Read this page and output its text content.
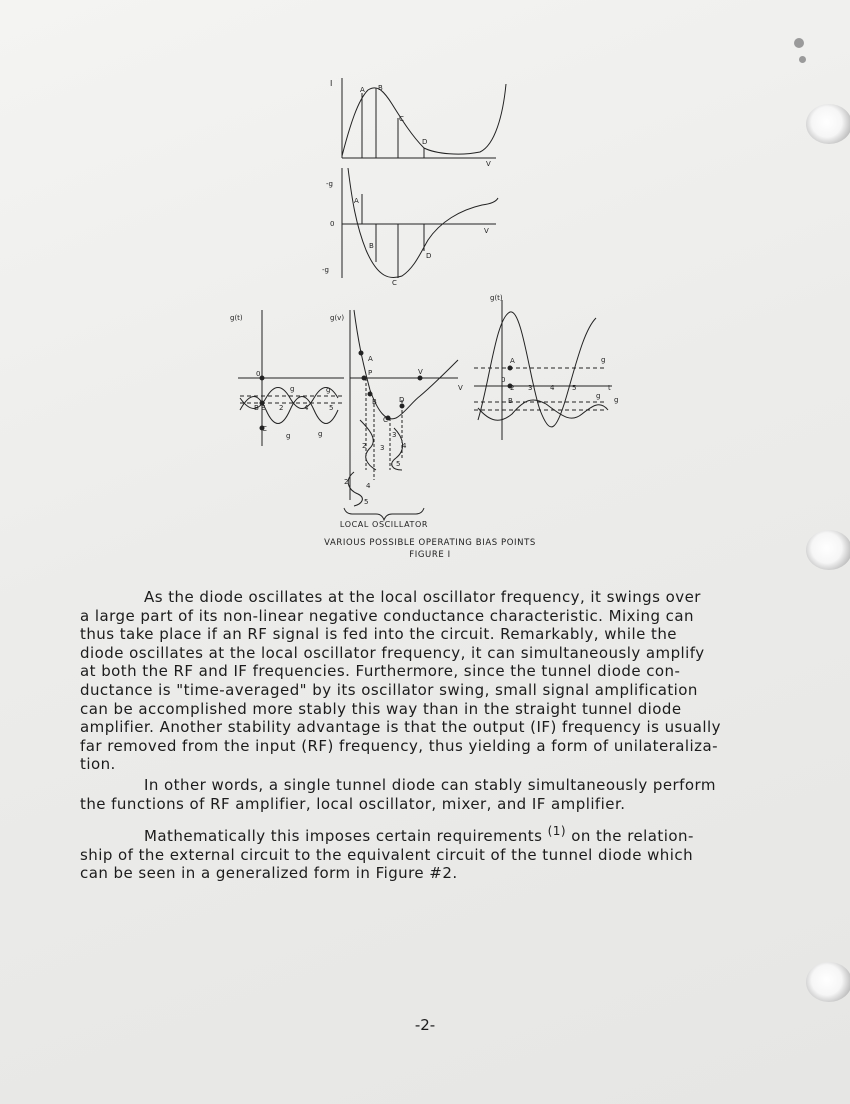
I
A B
C
D
V
-g
0
-g
A
B
C
D
V
g(t)
0
g	g
B E 2	4	5
C
g	g
g(v)
A
P
B
C
D
V
V
3
4
3
2
5
2	4
5
g(t)
A
0
2 3	4	5	t
B
g
g g
LOCAL OSCILLATOR
VARIOUS POSSIBLE OPERATING BIAS POINTS
FIGURE I
As the diode oscillates at the local oscillator frequency, it swings over
a large part of its non-linear negative conductance characteristic. Mixing can
thus take place if an RF signal is fed into the circuit. Remarkably, while the
diode oscillates at the local oscillator frequency, it can simultaneously amplify
at both the RF and IF frequencies. Furthermore, since the tunnel diode con-
ductance is "time-averaged" by its oscillator swing, small signal amplification
can be accomplished more stably this way than in the straight tunnel diode
amplifier. Another stability advantage is that the output (IF) frequency is usually
far removed from the input (RF) frequency, thus yielding a form of unilateraliza-
tion.
In other words, a single tunnel diode can stably simultaneously perform
the functions of RF amplifier, local oscillator, mixer, and IF amplifier.
Mathematically this imposes certain requirements $^{(1)}$ on the relation-
ship of the external circuit to the equivalent circuit of the tunnel diode which
can be seen in a generalized form in Figure #2.
-2-
